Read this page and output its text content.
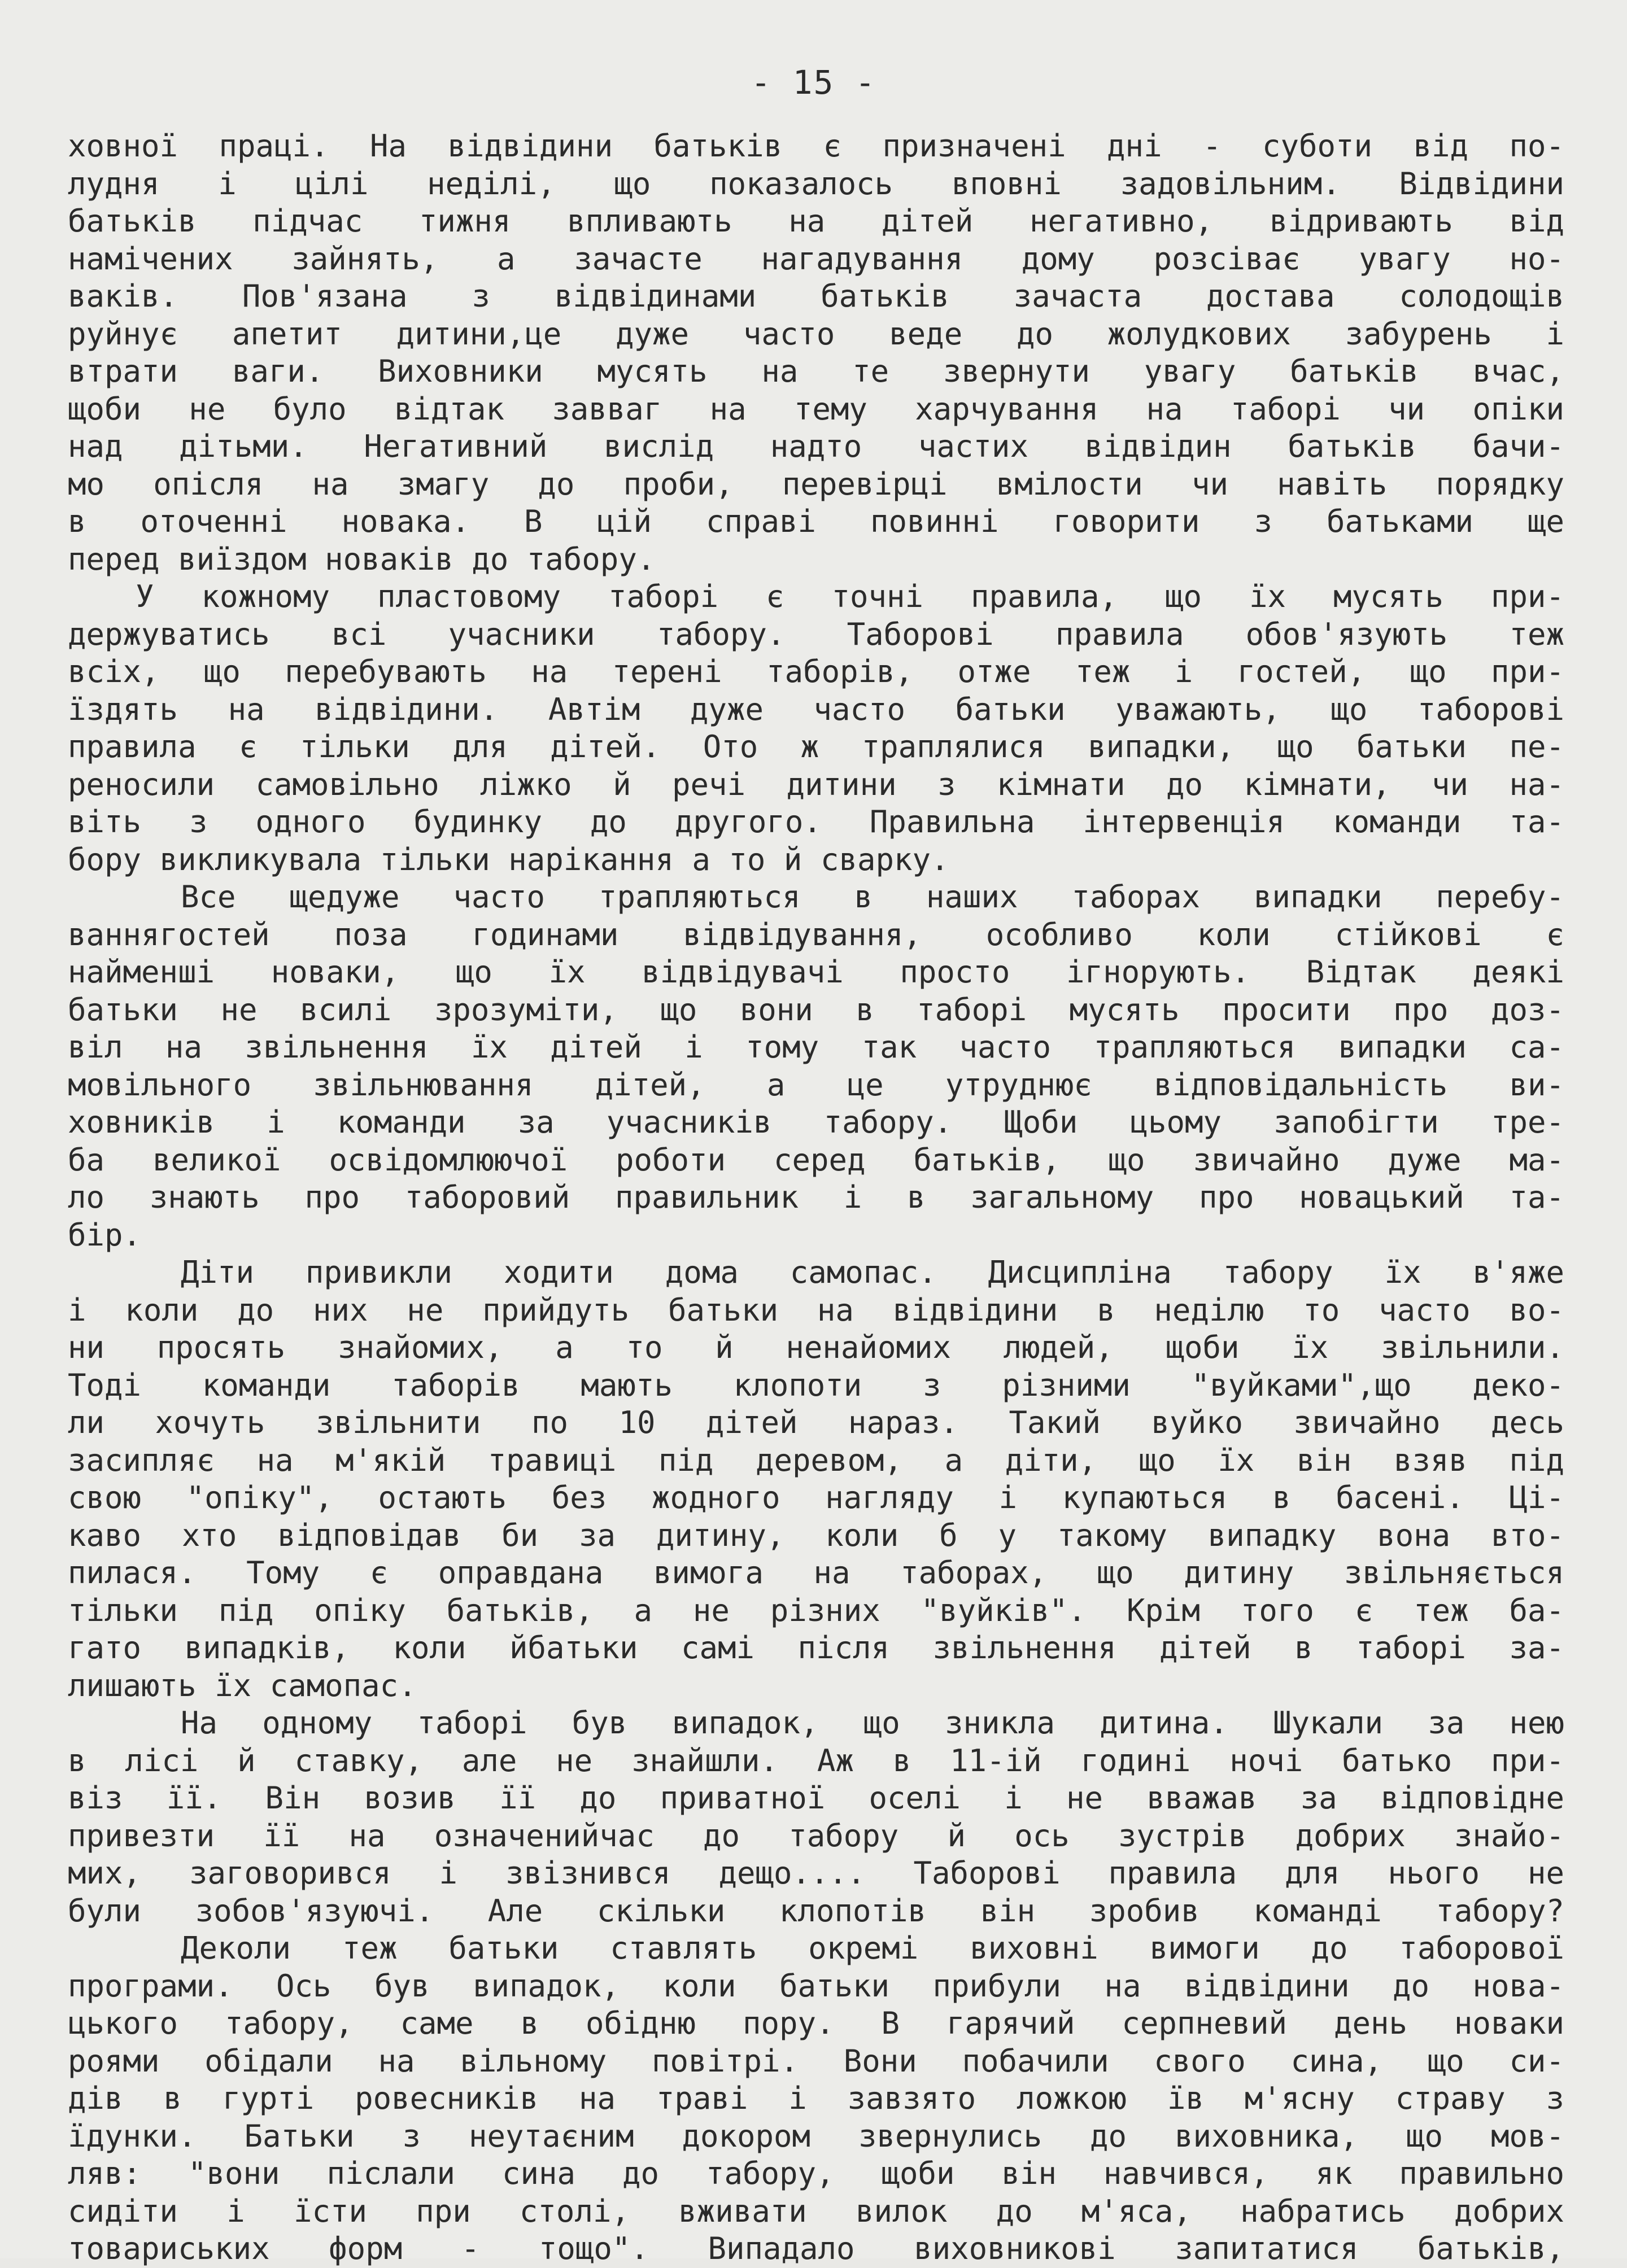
- 15 -
ховної праці. На відвідини батьків є призначені дні - суботи від по-
лудня і цілі неділі, що показалось вповні задовільним. Відвідини
батьків підчас тижня впливають на дітей негативно, відривають від
намічених зайнять, а зачасте нагадування дому розсіває увагу но-
ваків. Пов'язана з відвідинами батьків зачаста достава солодощів
руйнує апетит дитини,це дуже часто веде до жолудкових забурень і
втрати ваги. Виховники мусять на те звернути увагу батьків вчас,
щоби не було відтак завваг на тему харчування на таборі чи опіки
над дітьми. Негативний вислід надто частих відвідин батьків бачи-
мо опісля на змагу до проби, перевірці вмілости чи навіть порядку
в оточенні новака. В цій справі повинні говорити з батьками ще
перед виїздом новаків до табору.
У кожному пластовому таборі є точні правила, що їх мусять при-
держуватись всі учасники табору. Таборові правила обов'язують теж
всіх, що перебувають на терені таборів, отже теж і гостей, що при-
їздять на відвідини. Автім дуже часто батьки уважають, що таборові
правила є тільки для дітей. Ото ж траплялися випадки, що батьки пе-
реносили самовільно ліжко й речі дитини з кімнати до кімнати, чи на-
віть з одного будинку до другого. Правильна інтервенція команди та-
бору викликувала тільки нарікання а то й сварку.
Все щедуже часто трапляються в наших таборах випадки перебу-
ваннягостей поза годинами відвідування, особливо коли стійкові є
найменші новаки, що їх відвідувачі просто ігнорують. Відтак деякі
батьки не всилі зрозуміти, що вони в таборі мусять просити про доз-
віл на звільнення їх дітей і тому так часто трапляються випадки са-
мовільного звільнювання дітей, а це утруднює відповідальність ви-
ховників і команди за учасників табору. Щоби цьому запобігти тре-
ба великої освідомлюючої роботи серед батьків, що звичайно дуже ма-
ло знають про таборовий правильник і в загальному про новацький та-
бір.
Діти привикли ходити дома самопас. Дисципліна табору їх в'яже
і коли до них не прийдуть батьки на відвідини в неділю то часто во-
ни просять знайомих, а то й ненайомих людей, щоби їх звільнили.
Тоді команди таборів мають клопоти з різними "вуйками",що деко-
ли хочуть звільнити по 10 дітей нараз. Такий вуйко звичайно десь
засипляє на м'якій травиці під деревом, а діти, що їх він взяв під
свою "опіку", остають без жодного нагляду і купаються в басені. Ці-
каво хто відповідав би за дитину, коли б у такому випадку вона вто-
пилася. Тому є оправдана вимога на таборах, що дитину звільняється
тільки під опіку батьків, а не різних "вуйків". Крім того є теж ба-
гато випадків, коли йбатьки самі після звільнення дітей в таборі за-
лишають їх самопас.
На одному таборі був випадок, що зникла дитина. Шукали за нею
в лісі й ставку, але не знайшли. Аж в 11-ій годині ночі батько при-
віз її. Він возив її до приватної оселі і не вважав за відповідне
привезти її на означенийчас до табору й ось зустрів добрих знайо-
мих, заговорився і звізнився дещо.... Таборові правила для нього не
були зобов'язуючі. Але скільки клопотів він зробив команді табору?
Деколи теж батьки ставлять окремі виховні вимоги до таборової
програми. Ось був випадок, коли батьки прибули на відвідини до нова-
цького табору, саме в обідню пору. В гарячий серпневий день новаки
роями обідали на вільному повітрі. Вони побачили свого сина, що си-
дів в гурті ровесників на траві і завзято ложкою їв м'ясну страву з
їдунки. Батьки з неутаєним докором звернулись до виховника, що мов-
ляв: "вони післали сина до табору, щоби він навчився, як правильно
сидіти і їсти при столі, вживати вилок до м'яса, набратись добрих
товариських форм - тощо". Випадало виховникові запитатися батьків,
